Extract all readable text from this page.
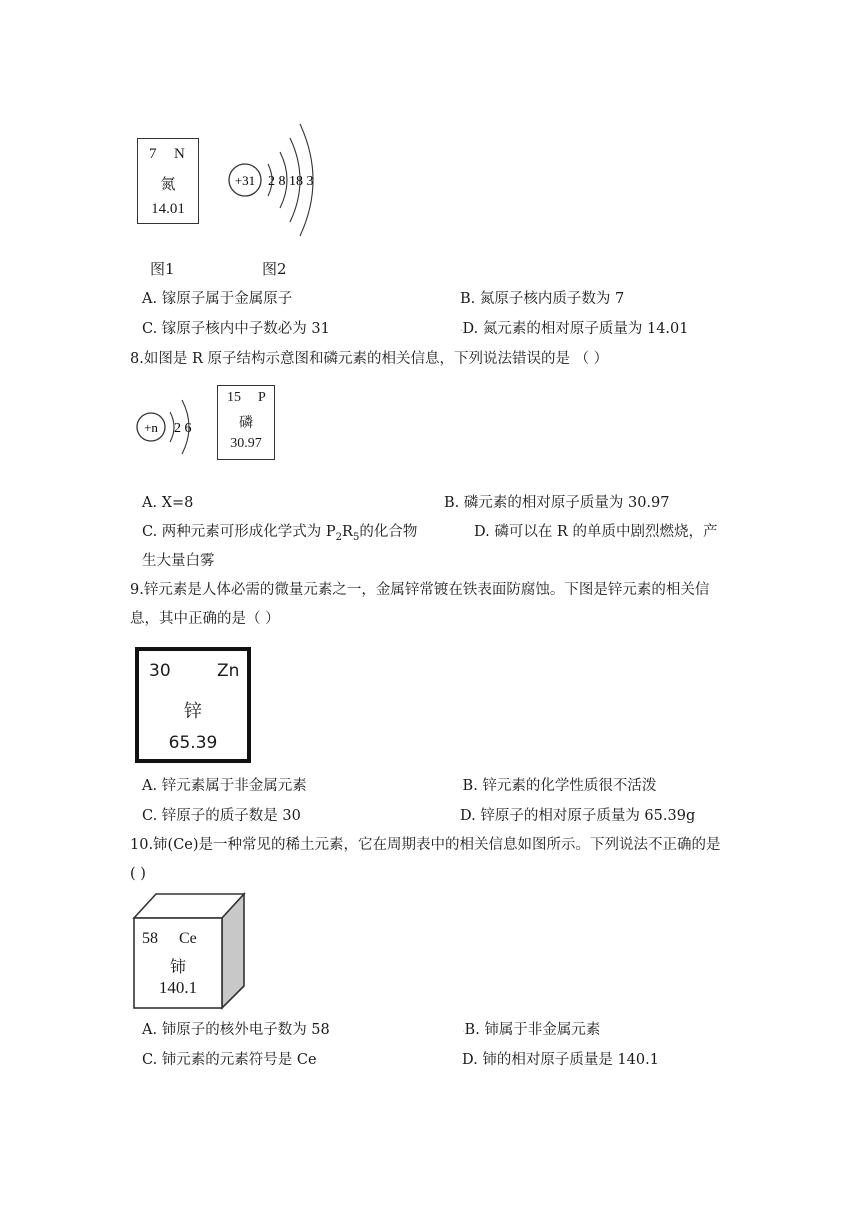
7 N
氮
14.01
+31 2 8 18 3
图1	图2
A. 镓原子属于金属原子	B. 氮原子核内质子数为 7
C. 镓原子核内中子数必为 31	‧D. 氮元素的相对原子质量为 14.01
8.如图是 R 原子结构示意图和磷元素的相关信息，下列说法错误的是 （ ）
+n 2 6
15 P
磷
30.97
A. X=8	B. 磷元素的相对原子质量为 30.97
C. 两种元素可形成化学式为 $P_2R_5$的化合物	D. 磷可以在 R 的单质中剧烈燃烧，产
生大量白雾
9.锌元素是人体必需的微量元素之一，金属锌常镀在铁表面防腐蚀。下图是锌元素的相关信
息，其中正确的是（ ）
30	Zn
锌
65.39
A. 锌元素属于非金属元素	‧B. 锌元素的化学性质很不活泼
C. 锌原子的质子数是 30	D. 锌原子的相对原子质量为 65.39g
10.铈(Ce)是一种常见的稀土元素，它在周期表中的相关信息如图所示。下列说法不正确的是
( )
58 Ce
铈
140.1
A. 铈原子的核外电子数为 58	‧B. 铈属于非金属元素
C. 铈元素的元素符号是 Ce	D. 铈的相对原子质量是 140.1
